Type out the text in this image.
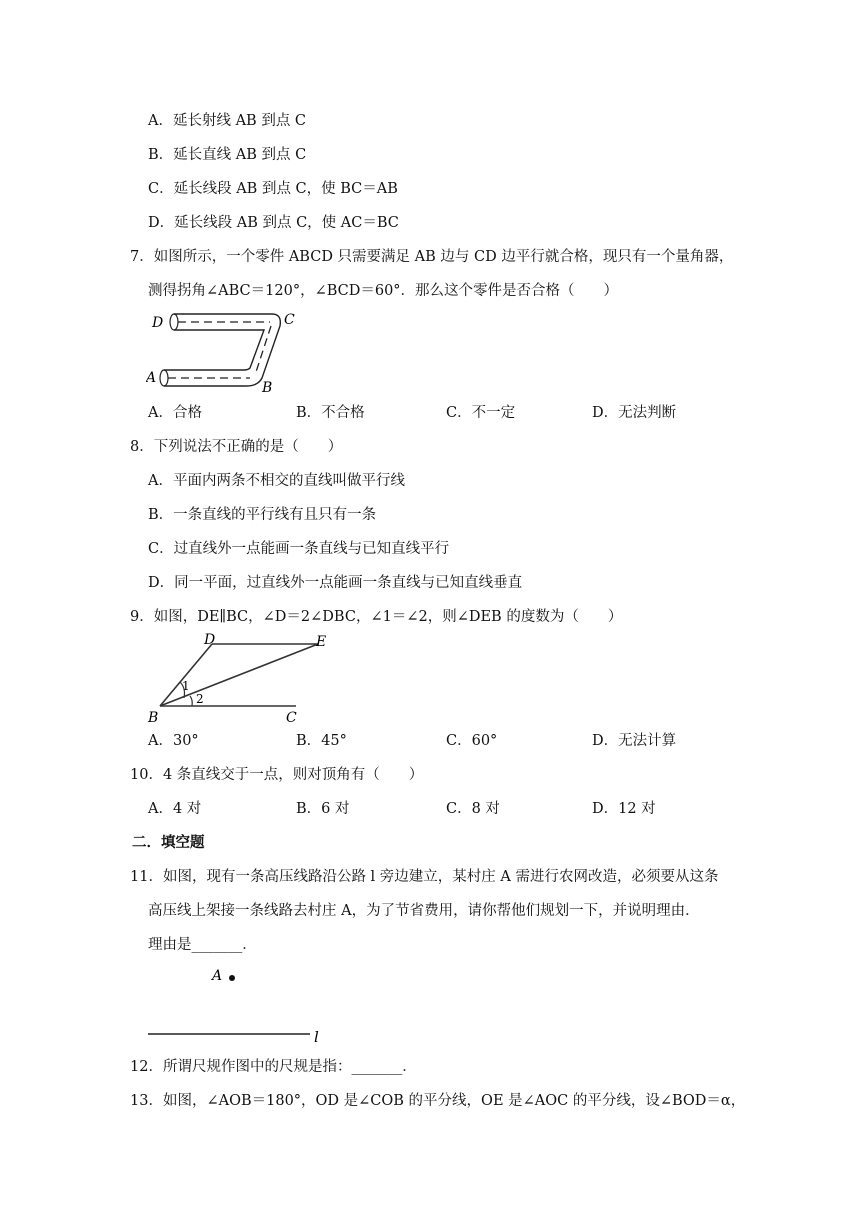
A．延长射线 AB 到点 C
B．延长直线 AB 到点 C
C．延长线段 AB 到点 C，使 BC＝AB
D．延长线段 AB 到点 C，使 AC＝BC
7．如图所示，一个零件 ABCD 只需要满足 AB 边与 CD 边平行就合格，现只有一个量角器，
测得拐角∠ABC＝120°，∠BCD＝60°．那么这个零件是否合格（　　）
D	C
A
B
A．合格	B．不合格	C．不一定	D．无法判断
8．下列说法不正确的是（　　）
A．平面内两条不相交的直线叫做平行线
B．一条直线的平行线有且只有一条
C．过直线外一点能画一条直线与已知直线平行
D．同一平面，过直线外一点能画一条直线与已知直线垂直
9．如图，DE∥BC，∠D＝2∠DBC，∠1＝∠2，则∠DEB 的度数为（　　）
D	E
B	C
1
2
A．30°	B．45°	C．60°	D．无法计算
10．4 条直线交于一点，则对顶角有（　　）
A．4 对	B．6 对	C．8 对	D．12 对
二．填空题
11．如图，现有一条高压线路沿公路 l 旁边建立，某村庄 A 需进行农网改造，必须要从这条
高压线上架接一条线路去村庄 A，为了节省费用，请你帮他们规划一下，并说明理由．
理由是_______．
A
l
12．所谓尺规作图中的尺规是指：_______．
13．如图，∠AOB＝180°，OD 是∠COB 的平分线，OE 是∠AOC 的平分线，设∠BOD＝α，
